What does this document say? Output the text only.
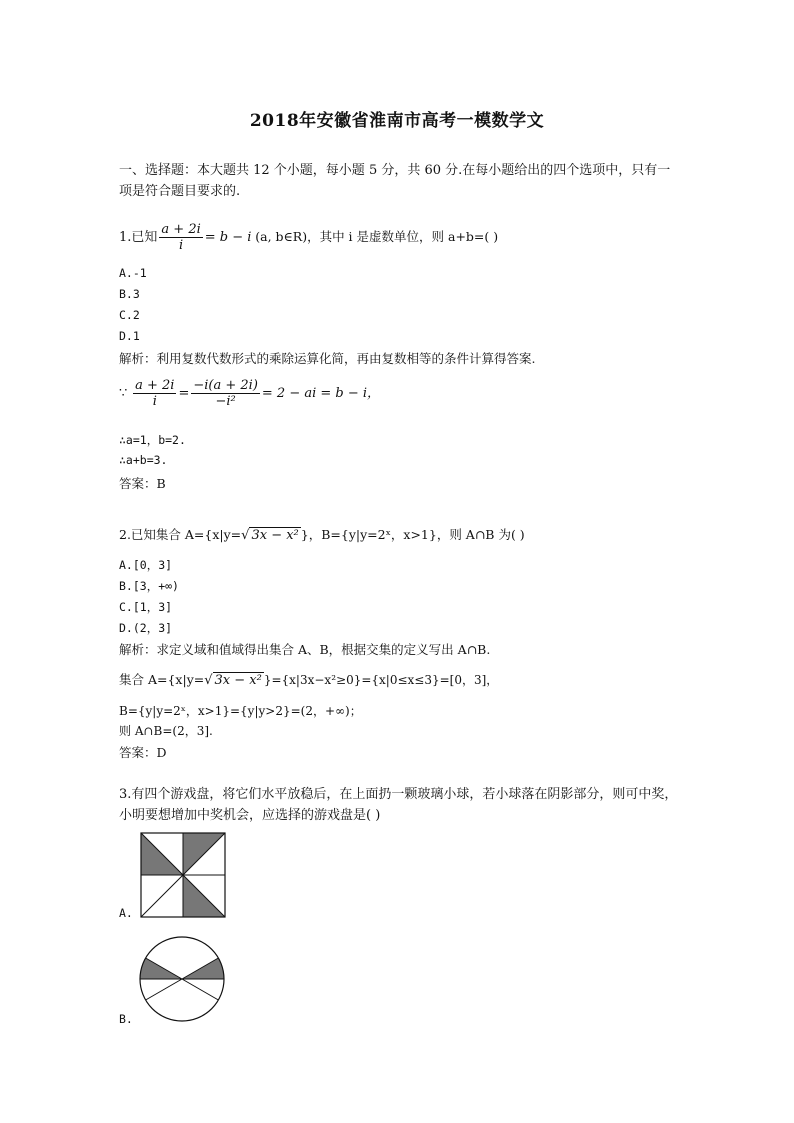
2018年安徽省淮南市高考一模数学文
一、选择题：本大题共 12 个小题，每小题 5 分，共 60 分.在每小题给出的四个选项中，只有一项是符合题目要求的.
1.已知 $\frac{a + 2i}{i} = b - i$ (a, b∈R)，其中 i 是虚数单位，则 a+b=( )
A.-1
B.3
C.2
D.1
解析：利用复数代数形式的乘除运算化简，再由复数相等的条件计算得答案.
∵ $\frac{a + 2i}{i} = \frac{-i(a + 2i)}{\text{−i²}} = 2$ − ai = b − i，
∴a=1，b=2.
∴a+b=3.
答案：B
2.已知集合 A={x|y=√ 3x − x² }，B={y|y=2ˣ，x>1}，则 A∩B 为( )
A.[0，3]
B.[3，+∞)
C.[1，3]
D.(2，3]
解析：求定义域和值域得出集合 A、B，根据交集的定义写出 A∩B.
集合 A={x|y=√ 3x − x² }={x|3x−x²≥0}={x|0≤x≤3}=[0，3]，
B={y|y=2ˣ，x>1}={y|y>2}=(2，+∞)；
则 A∩B=(2，3].
答案：D
3.有四个游戏盘，将它们水平放稳后，在上面扔一颗玻璃小球，若小球落在阴影部分，则可中奖，小明要想增加中奖机会，应选择的游戏盘是( )
A.
B.
